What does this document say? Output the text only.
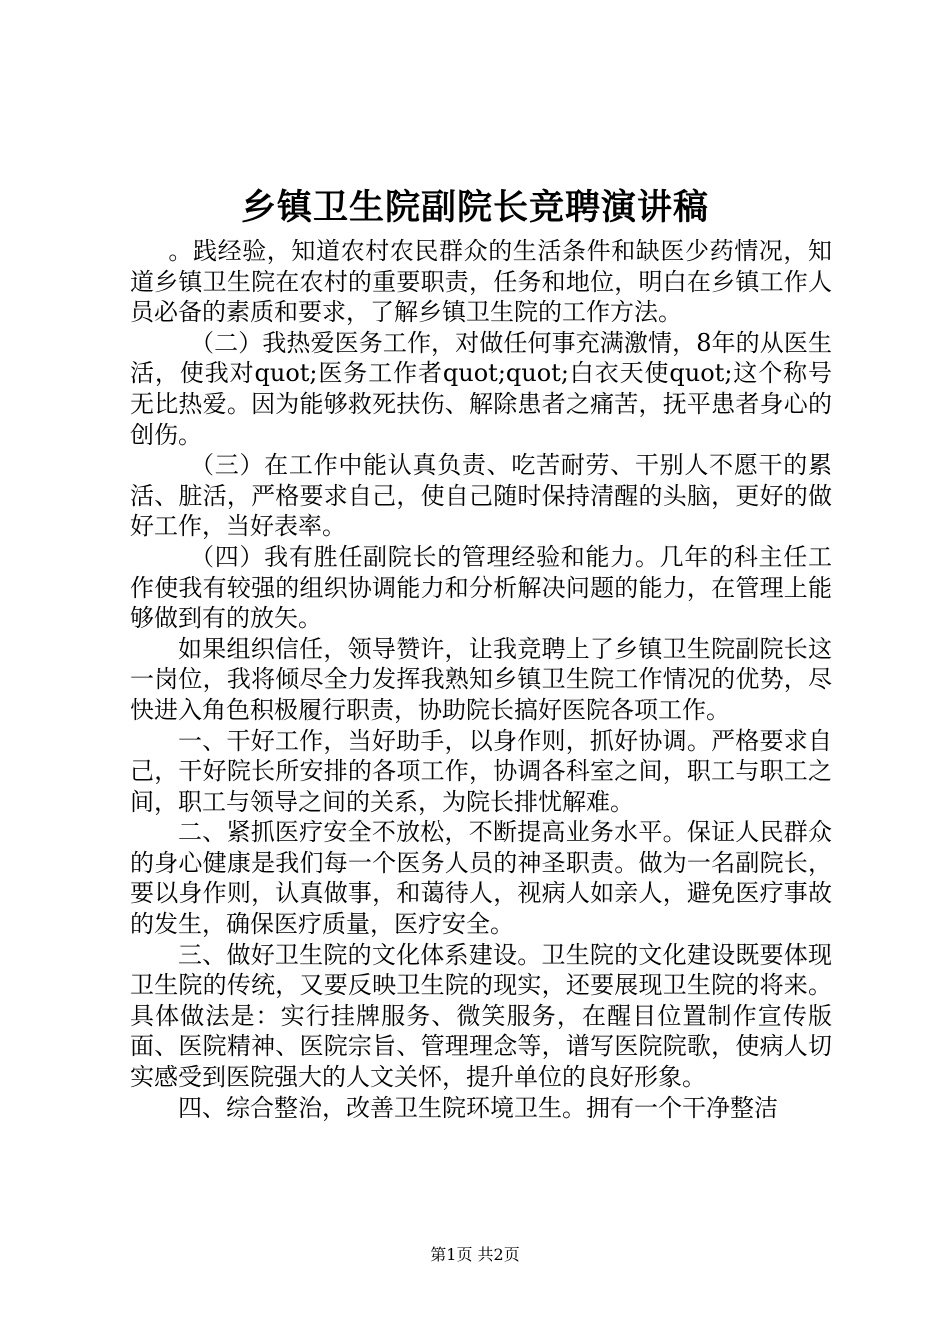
乡镇卫生院副院长竞聘演讲稿

。践经验，知道农村农民群众的生活条件和缺医少药情况，知道乡镇卫生院在农村的重要职责，任务和地位，明白在乡镇工作人员必备的素质和要求，了解乡镇卫生院的工作方法。

（二）我热爱医务工作，对做任何事充满激情，8年的从医生活，使我对quot;医务工作者quot;quot;白衣天使quot;这个称号无比热爱。因为能够救死扶伤、解除患者之痛苦，抚平患者身心的创伤。

（三）在工作中能认真负责、吃苦耐劳、干别人不愿干的累活、脏活，严格要求自己，使自己随时保持清醒的头脑，更好的做好工作，当好表率。

（四）我有胜任副院长的管理经验和能力。几年的科主任工作使我有较强的组织协调能力和分析解决问题的能力，在管理上能够做到有的放矢。

如果组织信任，领导赞许，让我竞聘上了乡镇卫生院副院长这一岗位，我将倾尽全力发挥我熟知乡镇卫生院工作情况的优势，尽快进入角色积极履行职责，协助院长搞好医院各项工作。

一、干好工作，当好助手，以身作则，抓好协调。严格要求自己，干好院长所安排的各项工作，协调各科室之间，职工与职工之间，职工与领导之间的关系，为院长排忧解难。

二、紧抓医疗安全不放松，不断提高业务水平。保证人民群众的身心健康是我们每一个医务人员的神圣职责。做为一名副院长，要以身作则，认真做事，和蔼待人，视病人如亲人，避免医疗事故的发生，确保医疗质量，医疗安全。

三、做好卫生院的文化体系建设。卫生院的文化建设既要体现卫生院的传统，又要反映卫生院的现实，还要展现卫生院的将来。具体做法是：实行挂牌服务、微笑服务，在醒目位置制作宣传版面、医院精神、医院宗旨、管理理念等，谱写医院院歌，使病人切实感受到医院强大的人文关怀，提升单位的良好形象。

四、综合整治，改善卫生院环境卫生。拥有一个干净整洁

第1页 共2页
